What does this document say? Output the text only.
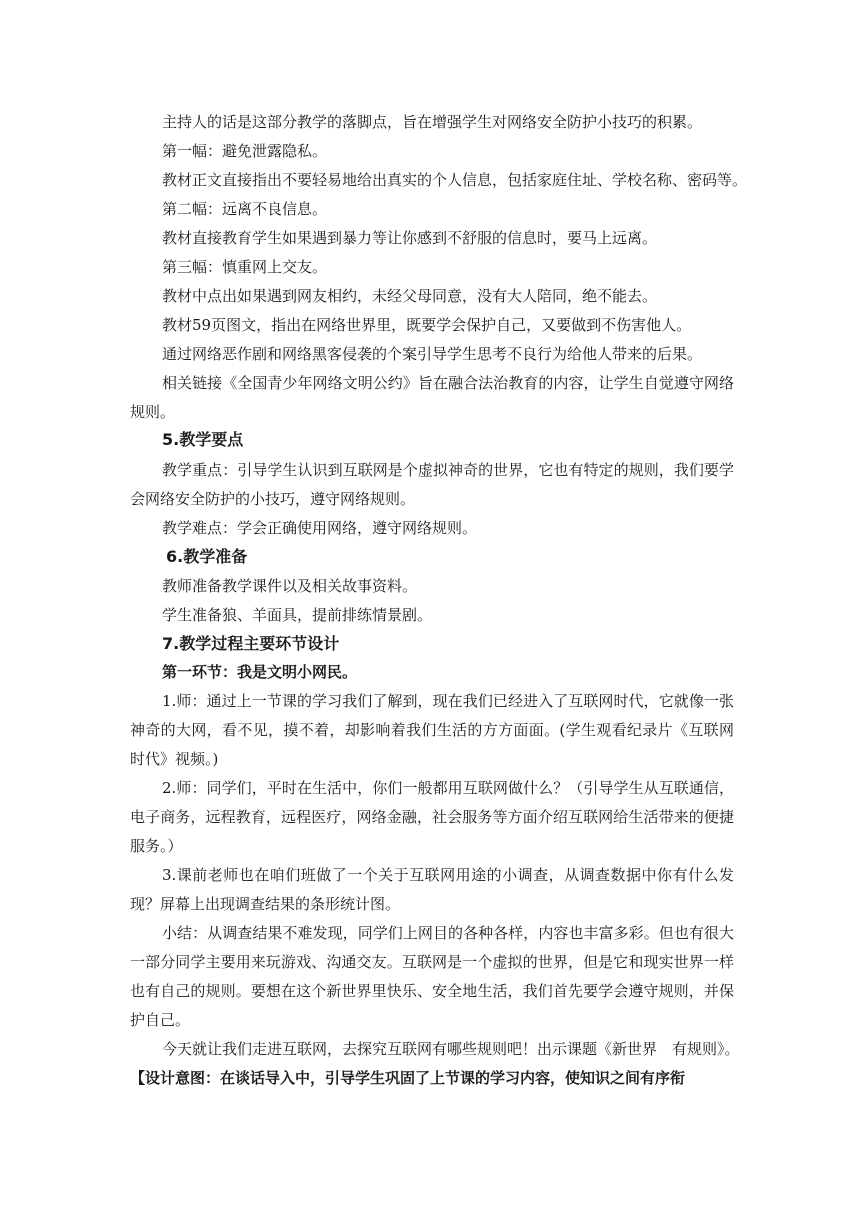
主持人的话是这部分教学的落脚点，旨在增强学生对网络安全防护小技巧的积累。

第一幅：避免泄露隐私。

教材正文直接指出不要轻易地给出真实的个人信息，包括家庭住址、学校名称、密码等。

第二幅：远离不良信息。

教材直接教育学生如果遇到暴力等让你感到不舒服的信息时，要马上远离。

第三幅：慎重网上交友。

教材中点出如果遇到网友相约，未经父母同意，没有大人陪同，绝不能去。

教材59页图文，指出在网络世界里，既要学会保护自己，又要做到不伤害他人。

通过网络恶作剧和网络黑客侵袭的个案引导学生思考不良行为给他人带来的后果。

相关链接《全国青少年网络文明公约》旨在融合法治教育的内容，让学生自觉遵守网络规则。

5.教学要点

教学重点：引导学生认识到互联网是个虚拟神奇的世界，它也有特定的规则，我们要学会网络安全防护的小技巧，遵守网络规则。

教学难点：学会正确使用网络，遵守网络规则。

6.教学准备

教师准备教学课件以及相关故事资料。

学生准备狼、羊面具，提前排练情景剧。

7.教学过程主要环节设计

第一环节：我是文明小网民。

1.师：通过上一节课的学习我们了解到，现在我们已经进入了互联网时代，它就像一张神奇的大网，看不见，摸不着，却影响着我们生活的方方面面。(学生观看纪录片《互联网时代》视频。)

2.师：同学们，平时在生活中，你们一般都用互联网做什么？（引导学生从互联通信，电子商务，远程教育，远程医疗，网络金融，社会服务等方面介绍互联网给生活带来的便捷服务。）

3.课前老师也在咱们班做了一个关于互联网用途的小调查，从调查数据中你有什么发现？屏幕上出现调查结果的条形统计图。

小结：从调查结果不难发现，同学们上网目的各种各样，内容也丰富多彩。但也有很大一部分同学主要用来玩游戏、沟通交友。互联网是一个虚拟的世界，但是它和现实世界一样也有自己的规则。要想在这个新世界里快乐、安全地生活，我们首先要学会遵守规则，并保护自己。

今天就让我们走进互联网，去探究互联网有哪些规则吧！出示课题《新世界　有规则》。

【设计意图：在谈话导入中，引导学生巩固了上节课的学习内容，使知识之间有序衔
